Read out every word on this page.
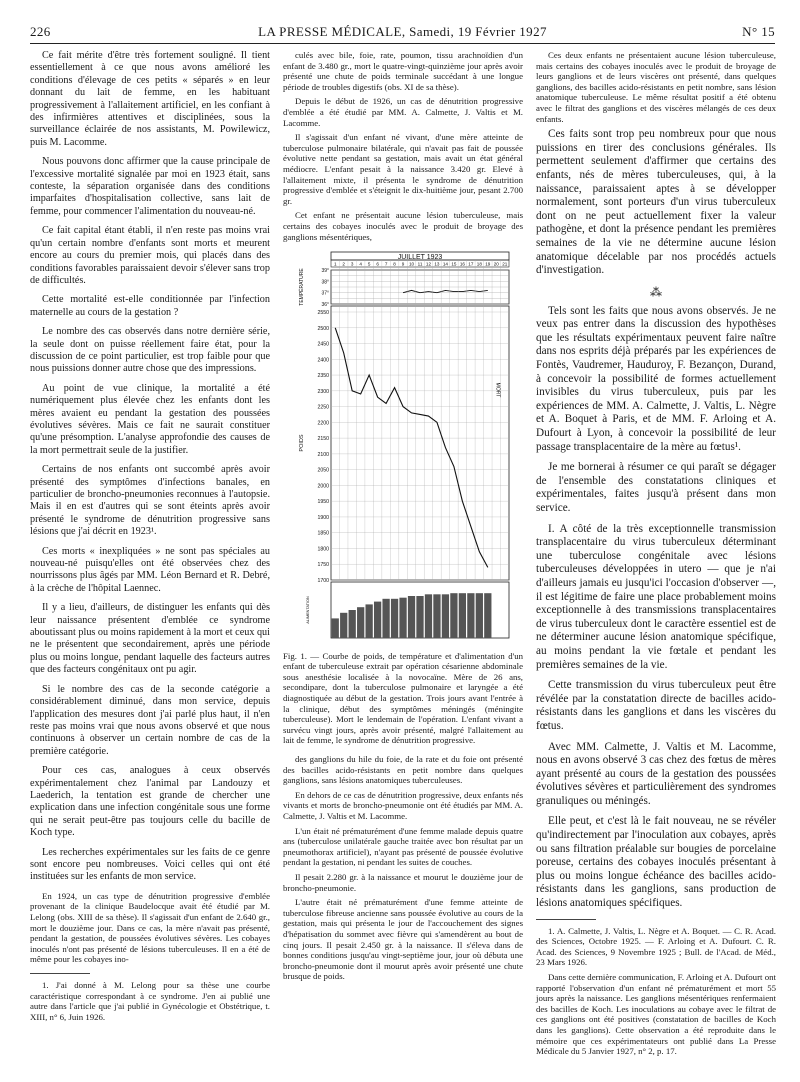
226	LA PRESSE MÉDICALE, Samedi, 19 Février 1927	N° 15

Ce fait mérite d'être très fortement souligné. Il tient essentiellement à ce que nous avons amélioré les conditions d'élevage de ces petits « séparés » en leur donnant du lait de femme, en les habituant progressivement à l'allaitement artificiel, en les confiant à des infirmières attentives et disciplinées, sous la surveillance éclairée de nos assistants, M. Powilewicz, puis M. Lacomme.

Nous pouvons donc affirmer que la cause principale de l'excessive mortalité signalée par moi en 1923 était, sans conteste, la séparation organisée dans des conditions imparfaites d'hospitalisation collective, sans lait de femme, pour commencer l'alimentation du nouveau-né.

Ce fait capital étant établi, il n'en reste pas moins vrai qu'un certain nombre d'enfants sont morts et meurent encore au cours du premier mois, qui placés dans des conditions favorables paraissaient devoir s'élever sans trop de difficultés.

Cette mortalité est-elle conditionnée par l'infection maternelle au cours de la gestation ?

Le nombre des cas observés dans notre dernière série, la seule dont on puisse réellement faire état, pour la discussion de ce point particulier, est trop faible pour que nous puissions donner autre chose que des impressions.

Au point de vue clinique, la mortalité a été numériquement plus élevée chez les enfants dont les mères avaient eu pendant la gestation des poussées évolutives sévères. Mais ce fait ne saurait constituer qu'une présomption. L'analyse approfondie des causes de la mort permettrait seule de la justifier.

Certains de nos enfants ont succombé après avoir présenté des symptômes d'infections banales, en particulier de broncho-pneumonies reconnues à l'autopsie. Mais il en est d'autres qui se sont éteints après avoir présenté le syndrome de dénutrition progressive sans lésions que j'ai décrit en 1923¹.

Ces morts « inexpliquées » ne sont pas spéciales au nouveau-né puisqu'elles ont été observées chez des nourrissons plus âgés par MM. Léon Bernard et R. Debré, à la crèche de l'hôpital Laennec.

Il y a lieu, d'ailleurs, de distinguer les enfants qui dès leur naissance présentent d'emblée ce syndrome aboutissant plus ou moins rapidement à la mort et ceux qui ne le présentent que secondairement, après une période plus ou moins longue, pendant laquelle des facteurs autres que des facteurs congénitaux ont pu agir.

Si le nombre des cas de la seconde catégorie a considérablement diminué, dans mon service, depuis l'application des mesures dont j'ai parlé plus haut, il n'en reste pas moins vrai que nous avons observé et que nous continuons à observer un certain nombre de cas de la première catégorie.

Pour ces cas, analogues à ceux observés expérimentalement chez l'animal par Landouzy et Laederich, la tentation est grande de chercher une explication dans une infection congénitale sous une forme qui ne serait peut-être pas toujours celle du bacille de Koch type.

Les recherches expérimentales sur les faits de ce genre sont encore peu nombreuses. Voici celles qui ont été instituées sur les enfants de mon service.

En 1924, un cas type de dénutrition progressive d'emblée provenant de la clinique Baudelocque avait été étudié par M. Lelong (obs. XIII de sa thèse). Il s'agissait d'un enfant de 2.640 gr., mort le douzième jour. Dans ce cas, la mère n'avait pas présenté, pendant la gestation, de poussées évolutives sévères. Les cobayes inoculés n'ont pas présenté de lésions tuberculeuses. Il en a été de même pour les cobayes ino-

1. J'ai donné à M. Lelong pour sa thèse une courbe caractéristique correspondant à ce syndrome. J'en ai publié une autre dans l'article que j'ai publié in Gynécologie et Obstétrique, t. XIII, n° 6, Juin 1926.

culés avec bile, foie, rate, poumon, tissu arachnoïdien d'un enfant de 3.480 gr., mort le quatre-vingt-quinzième jour après avoir présenté une chute de poids terminale succédant à une longue période de troubles digestifs (obs. XI de sa thèse).

Depuis le début de 1926, un cas de dénutrition progressive d'emblée a été étudié par MM. A. Calmette, J. Valtis et M. Lacomme.

Il s'agissait d'un enfant né vivant, d'une mère atteinte de tuberculose pulmonaire bilatérale, qui n'avait pas fait de poussée évolutive nette pendant sa gestation, mais avait un état général médiocre. L'enfant pesait à la naissance 3.420 gr. Elevé à l'allaitement mixte, il présenta le syndrome de dénutrition progressive d'emblée et s'éteignit le dix-huitième jour, pesant 2.700 gr.

Cet enfant ne présentait aucune lésion tuberculeuse, mais certains des cobayes inoculés avec le produit de broyage des ganglions mésentériques,

JUILLET 1923
1 2 3 4 5 6 7 8 9 10 11 12 13 14 15 16 17 18 19 20 21
TEMPÉRATURE	39°
38°
37°
36°
2550
2500
2450
2400
2350
2300
2250
2200
2150
2100
2050
2000
1950
1900
1850
1800
1750
1700
POIDS
MORT
ALIMENTATION

Fig. 1. — Courbe de poids, de température et d'alimentation d'un enfant de tuberculeuse extrait par opération césarienne abdominale sous anesthésie localisée à la novocaïne. Mère de 26 ans, secondipare, dont la tuberculose pulmonaire et laryngée a été diagnostiquée au début de la gestation. Trois jours avant l'entrée à la clinique, début des symptômes méningés (méningite tuberculeuse). Mort le lendemain de l'opération. L'enfant vivant a survécu vingt jours, après avoir présenté, malgré l'allaitement au lait de femme, le syndrome de dénutrition progressive.

des ganglions du hile du foie, de la rate et du foie ont présenté des bacilles acido-résistants en petit nombre dans quelques ganglions, sans lésions anatomiques tuberculeuses.

En dehors de ce cas de dénutrition progressive, deux enfants nés vivants et morts de broncho-pneumonie ont été étudiés par MM. A. Calmette, J. Valtis et M. Lacomme.

L'un était né prématurément d'une femme malade depuis quatre ans (tuberculose unilatérale gauche traitée avec bon résultat par un pneumothorax artificiel), n'ayant pas présenté de poussée évolutive pendant la gestation, ni pendant les suites de couches.

Il pesait 2.280 gr. à la naissance et mourut le douzième jour de broncho-pneumonie.

L'autre était né prématurément d'une femme atteinte de tuberculose fibreuse ancienne sans poussée évolutive au cours de la gestation, mais qui présenta le jour de l'accouchement des signes d'hépatisation du sommet avec fièvre qui s'amendèrent au bout de cinq jours. Il pesait 2.450 gr. à la naissance. Il s'éleva dans de bonnes conditions jusqu'au vingt-septième jour, jour où débuta une broncho-pneumonie dont il mourut après avoir présenté une chute brusque de poids.

Ces deux enfants ne présentaient aucune lésion tuberculeuse, mais certains des cobayes inoculés avec le produit de broyage de leurs ganglions et de leurs viscères ont présenté, dans quelques ganglions, des bacilles acido-résistants en petit nombre, sans lésion anatomique tuberculeuse. Le même résultat positif a été obtenu avec le filtrat des ganglions et des viscères mélangés de ces deux enfants.

Ces faits sont trop peu nombreux pour que nous puissions en tirer des conclusions générales. Ils permettent seulement d'affirmer que certains des enfants, nés de mères tuberculeuses, qui, à la naissance, paraissaient aptes à se développer normalement, sont porteurs d'un virus tuberculeux dont on ne peut actuellement fixer la valeur pathogène, et dont la présence pendant les premières semaines de la vie ne détermine aucune lésion anatomique décelable par nos procédés actuels d'investigation.

⁂

Tels sont les faits que nous avons observés. Je ne veux pas entrer dans la discussion des hypothèses que les résultats expérimentaux peuvent faire naître dans nos esprits déjà préparés par les expériences de Fontès, Vaudremer, Hauduroy, F. Bezançon, Durand, à concevoir la possibilité de formes actuellement invisibles du virus tuberculeux, puis par les expériences de MM. A. Calmette, J. Valtis, L. Nègre et A. Boquet à Paris, et de MM. F. Arloing et A. Dufourt à Lyon, à concevoir la possibilité de leur passage transplacentaire de la mère au fœtus¹.

Je me bornerai à résumer ce qui paraît se dégager de l'ensemble des constatations cliniques et expérimentales, faites jusqu'à présent dans mon service.

I. A côté de la très exceptionnelle transmission transplacentaire du virus tuberculeux déterminant une tuberculose congénitale avec lésions tuberculeuses développées in utero — que je n'ai d'ailleurs jamais eu jusqu'ici l'occasion d'observer —, il est légitime de faire une place probablement moins exceptionnelle à des transmissions transplacentaires de virus tuberculeux dont le caractère essentiel est de ne déterminer aucune lésion anatomique spécifique, au moins pendant la vie fœtale et pendant les premières semaines de la vie.

Cette transmission du virus tuberculeux peut être révélée par la constatation directe de bacilles acido-résistants dans les ganglions et dans les viscères du fœtus.

Avec MM. Calmette, J. Valtis et M. Lacomme, nous en avons observé 3 cas chez des fœtus de mères ayant présenté au cours de la gestation des poussées évolutives sévères et particulièrement des syndromes granuliques ou méningés.

Elle peut, et c'est là le fait nouveau, ne se révéler qu'indirectement par l'inoculation aux cobayes, après ou sans filtration préalable sur bougies de porcelaine poreuse, certains des cobayes inoculés présentant à plus ou moins longue échéance des bacilles acido-résistants dans les ganglions, sans production de lésions anatomiques spécifiques.

1. A. Calmette, J. Valtis, L. Nègre et A. Boquet. — C. R. Acad. des Sciences, Octobre 1925. — F. Arloing et A. Dufourt. C. R. Acad. des Sciences, 9 Novembre 1925 ; Bull. de l'Acad. de Méd., 23 Mars 1926.

Dans cette dernière communication, F. Arloing et A. Dufourt ont rapporté l'observation d'un enfant né prématurément et mort 55 jours après la naissance. Les ganglions mésentériques renfermaient des bacilles de Koch. Les inoculations au cobaye avec le filtrat de ces ganglions ont été positives (constatation de bacilles de Koch dans les ganglions). Cette observation a été reproduite dans le mémoire que ces expérimentateurs ont publié dans La Presse Médicale du 5 Janvier 1927, n° 2, p. 17.
